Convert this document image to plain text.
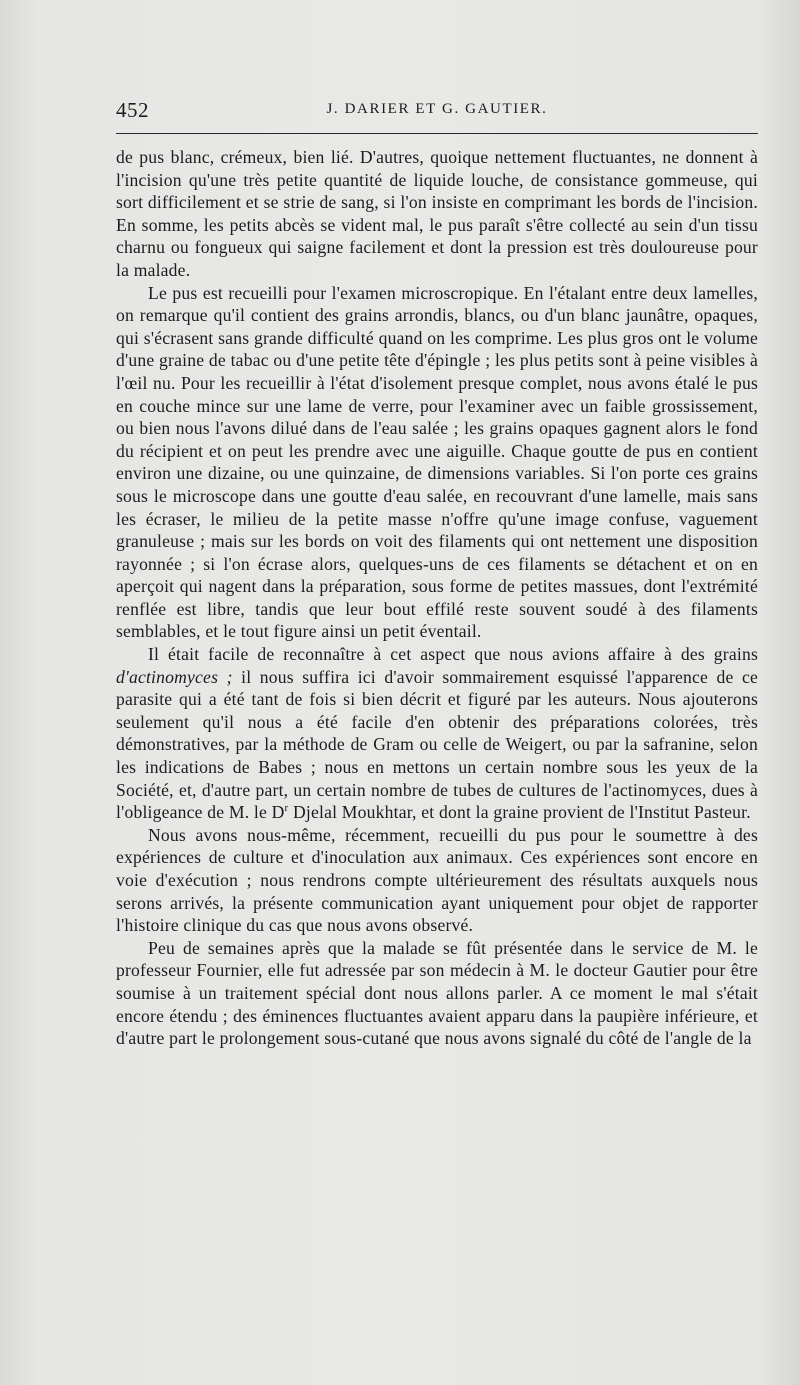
452	J. DARIER ET G. GAUTIER.

de pus blanc, crémeux, bien lié. D'autres, quoique nettement fluctuantes, ne donnent à l'incision qu'une très petite quantité de liquide louche, de consistance gommeuse, qui sort difficilement et se strie de sang, si l'on insiste en comprimant les bords de l'incision. En somme, les petits abcès se vident mal, le pus paraît s'être collecté au sein d'un tissu charnu ou fongueux qui saigne facilement et dont la pression est très douloureuse pour la malade.

Le pus est recueilli pour l'examen microscropique. En l'étalant entre deux lamelles, on remarque qu'il contient des grains arrondis, blancs, ou d'un blanc jaunâtre, opaques, qui s'écrasent sans grande difficulté quand on les comprime. Les plus gros ont le volume d'une graine de tabac ou d'une petite tête d'épingle ; les plus petits sont à peine visibles à l'œil nu. Pour les recueillir à l'état d'isolement presque complet, nous avons étalé le pus en couche mince sur une lame de verre, pour l'examiner avec un faible grossissement, ou bien nous l'avons dilué dans de l'eau salée ; les grains opaques gagnent alors le fond du récipient et on peut les prendre avec une aiguille. Chaque goutte de pus en contient environ une dizaine, ou une quinzaine, de dimensions variables. Si l'on porte ces grains sous le microscope dans une goutte d'eau salée, en recouvrant d'une lamelle, mais sans les écraser, le milieu de la petite masse n'offre qu'une image confuse, vaguement granuleuse ; mais sur les bords on voit des filaments qui ont nettement une disposition rayonnée ; si l'on écrase alors, quelques-uns de ces filaments se détachent et on en aperçoit qui nagent dans la préparation, sous forme de petites massues, dont l'extrémité renflée est libre, tandis que leur bout effilé reste souvent soudé à des filaments semblables, et le tout figure ainsi un petit éventail.

Il était facile de reconnaître à cet aspect que nous avions affaire à des grains d'actinomyces ; il nous suffira ici d'avoir sommairement esquissé l'apparence de ce parasite qui a été tant de fois si bien décrit et figuré par les auteurs. Nous ajouterons seulement qu'il nous a été facile d'en obtenir des préparations colorées, très démonstratives, par la méthode de Gram ou celle de Weigert, ou par la safranine, selon les indications de Babes ; nous en mettons un certain nombre sous les yeux de la Société, et, d'autre part, un certain nombre de tubes de cultures de l'actinomyces, dues à l'obligeance de M. le $D^r$ Djelal Moukhtar, et dont la graine provient de l'Institut Pasteur.

Nous avons nous-même, récemment, recueilli du pus pour le soumettre à des expériences de culture et d'inoculation aux animaux. Ces expériences sont encore en voie d'exécution ; nous rendrons compte ultérieurement des résultats auxquels nous serons arrivés, la présente communication ayant uniquement pour objet de rapporter l'histoire clinique du cas que nous avons observé.

Peu de semaines après que la malade se fût présentée dans le service de M. le professeur Fournier, elle fut adressée par son médecin à M. le docteur Gautier pour être soumise à un traitement spécial dont nous allons parler. A ce moment le mal s'était encore étendu ; des éminences fluctuantes avaient apparu dans la paupière inférieure, et d'autre part le prolongement sous-cutané que nous avons signalé du côté de l'angle de la
